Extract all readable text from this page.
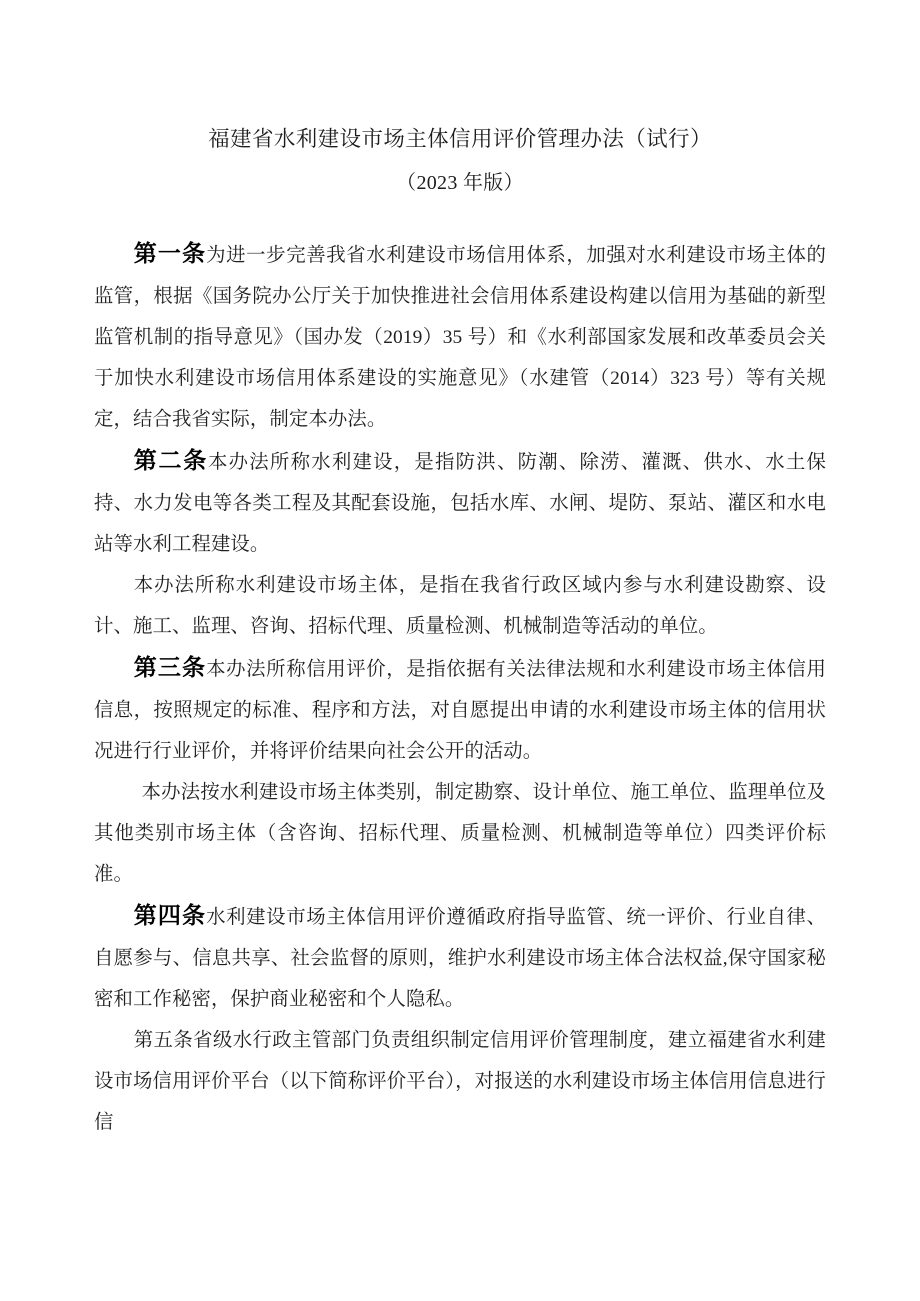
福建省水利建设市场主体信用评价管理办法（试行）
（2023 年版）

第一条为进一步完善我省水利建设市场信用体系，加强对水利建设市场主体的监管，根据《国务院办公厅关于加快推进社会信用体系建设构建以信用为基础的新型监管机制的指导意见》（国办发（2019）35 号）和《水利部国家发展和改革委员会关于加快水利建设市场信用体系建设的实施意见》（水建管（2014）323 号）等有关规定，结合我省实际，制定本办法。

第二条本办法所称水利建设，是指防洪、防潮、除涝、灌溉、供水、水土保持、水力发电等各类工程及其配套设施，包括水库、水闸、堤防、泵站、灌区和水电站等水利工程建设。

本办法所称水利建设市场主体，是指在我省行政区域内参与水利建设勘察、设计、施工、监理、咨询、招标代理、质量检测、机械制造等活动的单位。

第三条本办法所称信用评价，是指依据有关法律法规和水利建设市场主体信用信息，按照规定的标准、程序和方法，对自愿提出申请的水利建设市场主体的信用状况进行行业评价，并将评价结果向社会公开的活动。

本办法按水利建设市场主体类别，制定勘察、设计单位、施工单位、监理单位及其他类别市场主体（含咨询、招标代理、质量检测、机械制造等单位）四类评价标准。

第四条水利建设市场主体信用评价遵循政府指导监管、统一评价、行业自律、自愿参与、信息共享、社会监督的原则，维护水利建设市场主体合法权益,保守国家秘密和工作秘密，保护商业秘密和个人隐私。

第五条省级水行政主管部门负责组织制定信用评价管理制度，建立福建省水利建设市场信用评价平台（以下简称评价平台），对报送的水利建设市场主体信用信息进行信
